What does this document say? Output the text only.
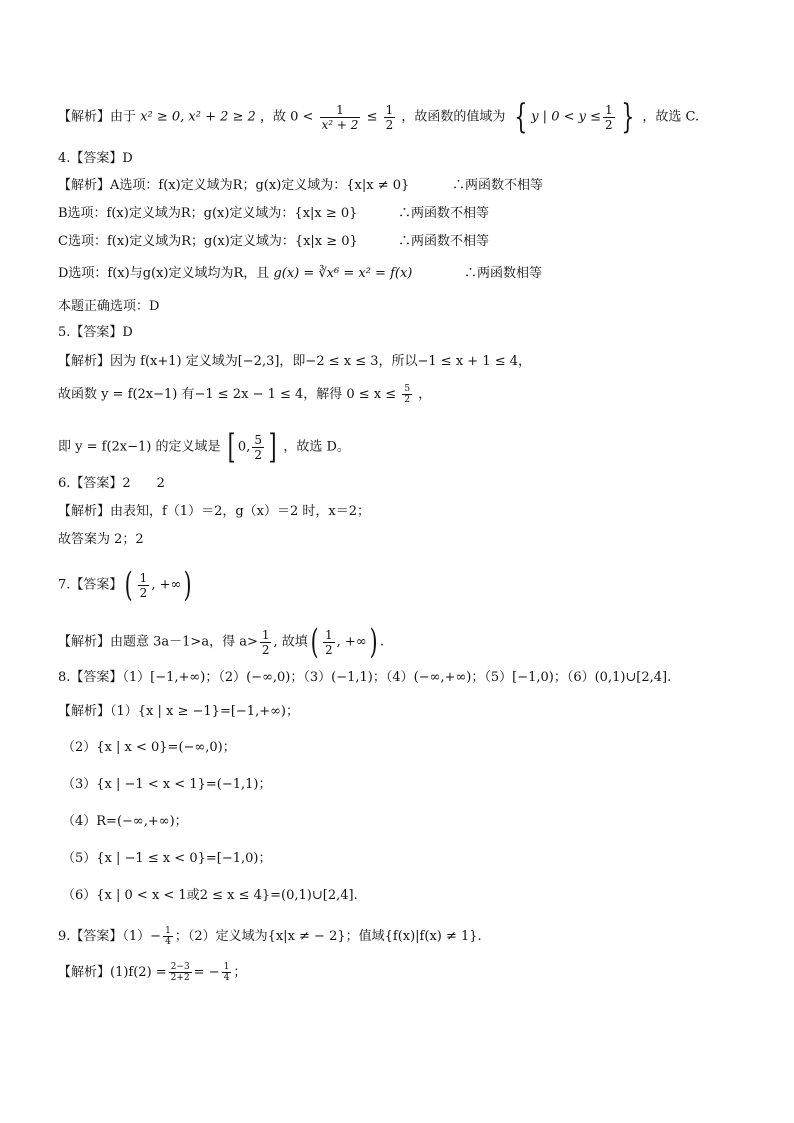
【解析】由于 x² ≥ 0, x² + 2 ≥ 2 ，故 $0 < \frac{1}{\text{x² + 2}} \le \frac{1}{2}$ ，故函数的值域为 { y | $0 < y \le \frac{1}{2}$ } ，故选 C.
4.【答案】D
【解析】A选项：f(x)定义域为R；g(x)定义域为：{x|x ≠ 0}	∴两函数不相等
B选项：f(x)定义域为R；g(x)定义域为：{x|x ≥ 0}	∴两函数不相等
C选项：f(x)定义域为R；g(x)定义域为：{x|x ≥ 0}	∴两函数不相等
D选项：f(x)与g(x)定义域均为R，且 g(x) = ∛x⁶ = x² = f(x)	∴两函数相等
本题正确选项：D
5.【答案】D
【解析】因为 f(x+1) 定义域为[−2,3]，即−2 ≤ x ≤ 3，所以−1 ≤ x + 1 ≤ 4，
故函数 y = f(2x−1) 有−1 ≤ 2x − 1 ≤ 4，解得 $0 \le x \le \frac{5}{2}$ ，
即 y = f(2x−1) 的定义域是 [ 0, $\frac{5}{2}$ ] ，故选 D。
6.【答案】2　　2
【解析】由表知，f（1）＝2，g（x）＝2 时，x＝2；
故答案为 2；2
7.【答案】( $\frac{1}{2}$ , +∞)
【解析】由题意 3a－1>a，得 $a> \frac{1}{2}$ , 故填( $\frac{1}{2}$ , +∞) .
8.【答案】（1）[−1,+∞)；（2）(−∞,0)；（3）(−1,1)；（4）(−∞,+∞)；（5）[−1,0)；（6）(0,1)∪[2,4].
【解析】（1）{x | x ≥ −1}=[−1,+∞)；
（2）{x | x < 0}=(−∞,0)；
（3）{x | −1 < x < 1}=(−1,1)；
（4）R=(−∞,+∞)；
（5）{x | −1 ≤ x < 0}=[−1,0)；
（6）{x | 0 < x < 1或2 ≤ x ≤ 4}=(0,1)∪[2,4].
9.【答案】$(1)- \frac{1}{4}$ ；（2）定义域为{x|x ≠ − 2}；值域{f(x)|f(x) ≠ 1}.
【解析】$(1)f(2) = \frac{2-3}{2+2}$ = − $\frac{1}{4}$ ；
